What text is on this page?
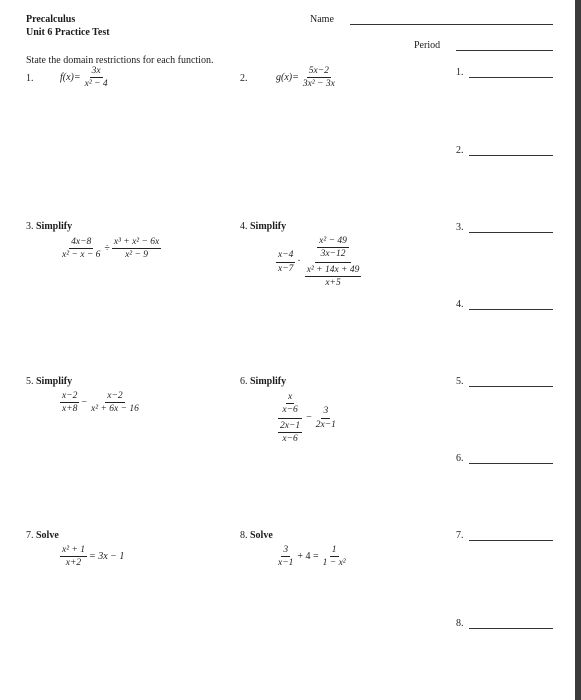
Precalculus
Unit 6 Practice Test
Name
Period
State the domain restrictions for each function.
1.	$f(x)= \frac{3x}{\text{x² − 4}}$	2.	$g(x)= \frac{5x-2}{\text{3x² − 3x}}$
3. Simplify
$\frac{4x-8}{\text{x² − x − 6}} \div \frac{\text{x³ + x² − 6x}}{\text{x² − 9}}$
4. Simplify
$\frac{x-4}{x-7} \cdot \frac{\frac{\text{x² − 49}}{3x-12}}{\frac{\text{x² + 14x + 49}}{x+5}}$
5. Simplify
$\frac{x-2}{x+8} - \frac{x-2}{\text{x² + 6x − 16}}$
6. Simplify
$\frac{\frac{x}{x-6}}{\frac{2x-1}{x-6}} - \frac{3}{2x-1}$
7. Solve
$\frac{\text{x² + 1}}{x+2} = 3x - 1$
8. Solve
$\frac{3}{x-1} + 4 = \frac{1}{\text{1 − x²}}$
1.
2.
3.
4.
5.
6.
7.
8.
